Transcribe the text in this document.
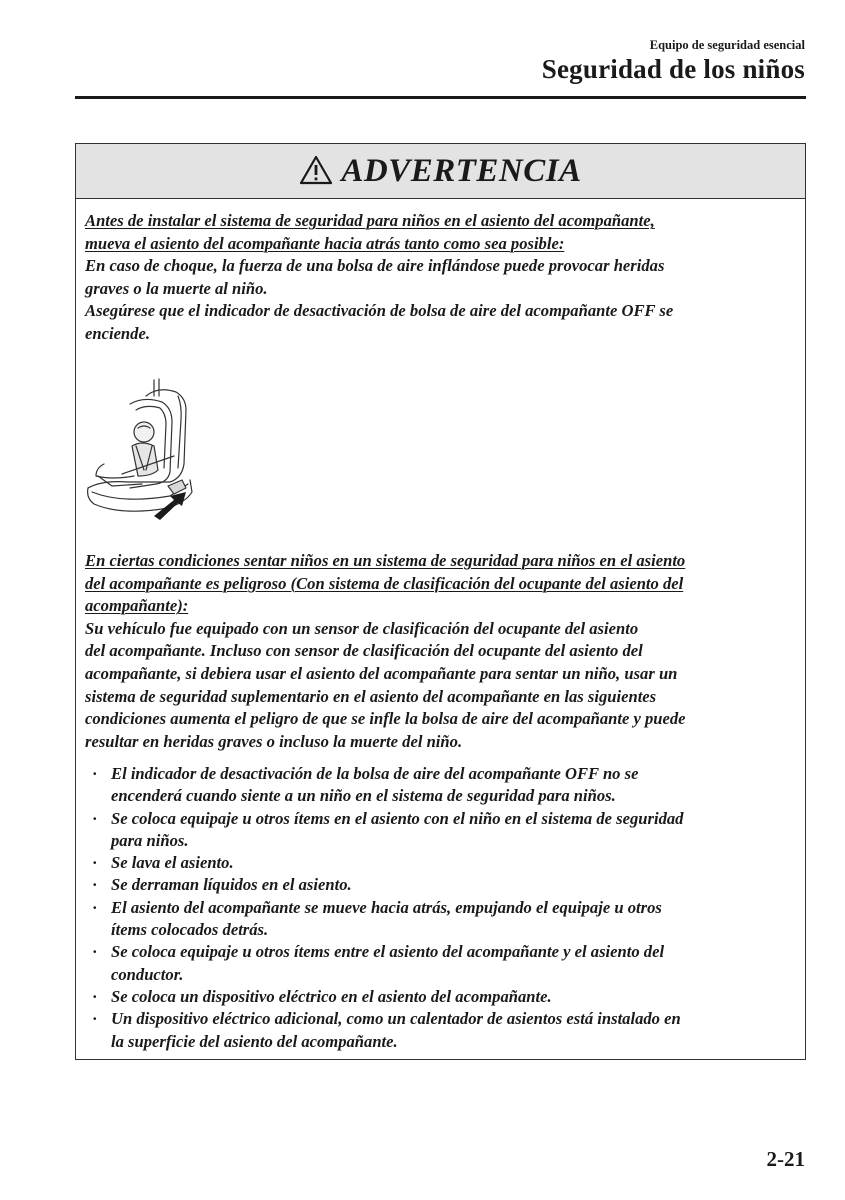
Equipo de seguridad esencial
Seguridad de los niños
ADVERTENCIA
Antes de instalar el sistema de seguridad para niños en el asiento del acompañante,
mueva el asiento del acompañante hacia atrás tanto como sea posible:
En caso de choque, la fuerza de una bolsa de aire inflándose puede provocar heridas
graves o la muerte al niño.
Asegúrese que el indicador de desactivación de bolsa de aire del acompañante OFF se
enciende.
En ciertas condiciones sentar niños en un sistema de seguridad para niños en el asiento
del acompañante es peligroso (Con sistema de clasificación del ocupante del asiento del
acompañante):
Su vehículo fue equipado con un sensor de clasificación del ocupante del asiento
del acompañante. Incluso con sensor de clasificación del ocupante del asiento del
acompañante, si debiera usar el asiento del acompañante para sentar un niño, usar un
sistema de seguridad suplementario en el asiento del acompañante en las siguientes
condiciones aumenta el peligro de que se infle la bolsa de aire del acompañante y puede
resultar en heridas graves o incluso la muerte del niño.
· El indicador de desactivación de la bolsa de aire del acompañante OFF no se
encenderá cuando siente a un niño en el sistema de seguridad para niños.
· Se coloca equipaje u otros ítems en el asiento con el niño en el sistema de seguridad
para niños.
· Se lava el asiento.
· Se derraman líquidos en el asiento.
· El asiento del acompañante se mueve hacia atrás, empujando el equipaje u otros
ítems colocados detrás.
· Se coloca equipaje u otros ítems entre el asiento del acompañante y el asiento del
conductor.
· Se coloca un dispositivo eléctrico en el asiento del acompañante.
· Un dispositivo eléctrico adicional, como un calentador de asientos está instalado en
la superficie del asiento del acompañante.
2-21
